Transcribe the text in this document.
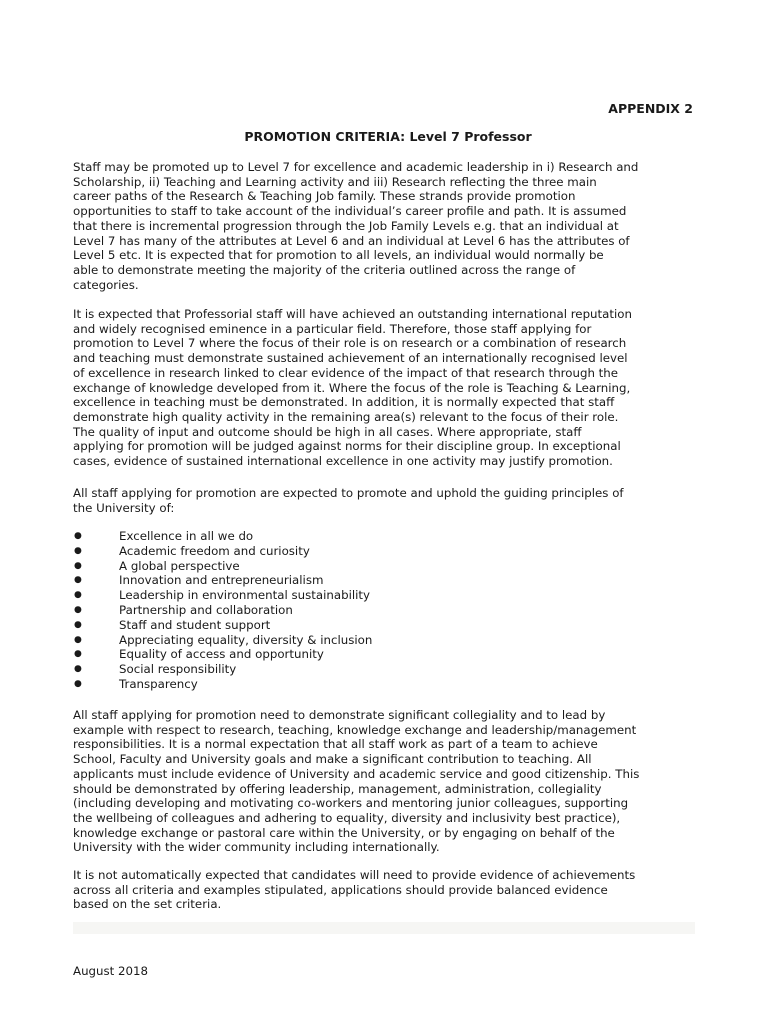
APPENDIX 2
PROMOTION CRITERIA: Level 7 Professor

Staff may be promoted up to Level 7 for excellence and academic leadership in i) Research and
Scholarship, ii) Teaching and Learning activity and iii) Research reflecting the three main
career paths of the Research & Teaching Job family. These strands provide promotion
opportunities to staff to take account of the individual’s career profile and path. It is assumed
that there is incremental progression through the Job Family Levels e.g. that an individual at
Level 7 has many of the attributes at Level 6 and an individual at Level 6 has the attributes of
Level 5 etc. It is expected that for promotion to all levels, an individual would normally be
able to demonstrate meeting the majority of the criteria outlined across the range of
categories.

It is expected that Professorial staff will have achieved an outstanding international reputation
and widely recognised eminence in a particular field. Therefore, those staff applying for
promotion to Level 7 where the focus of their role is on research or a combination of research
and teaching must demonstrate sustained achievement of an internationally recognised level
of excellence in research linked to clear evidence of the impact of that research through the
exchange of knowledge developed from it. Where the focus of the role is Teaching & Learning,
excellence in teaching must be demonstrated. In addition, it is normally expected that staff
demonstrate high quality activity in the remaining area(s) relevant to the focus of their role.
The quality of input and outcome should be high in all cases. Where appropriate, staff
applying for promotion will be judged against norms for their discipline group. In exceptional
cases, evidence of sustained international excellence in one activity may justify promotion.

All staff applying for promotion are expected to promote and uphold the guiding principles of
the University of:

●	Excellence in all we do
●	Academic freedom and curiosity
●	A global perspective
●	Innovation and entrepreneurialism
●	Leadership in environmental sustainability
●	Partnership and collaboration
●	Staff and student support
●	Appreciating equality, diversity & inclusion
●	Equality of access and opportunity
●	Social responsibility
●	Transparency

All staff applying for promotion need to demonstrate significant collegiality and to lead by
example with respect to research, teaching, knowledge exchange and leadership/management
responsibilities. It is a normal expectation that all staff work as part of a team to achieve
School, Faculty and University goals and make a significant contribution to teaching. All
applicants must include evidence of University and academic service and good citizenship. This
should be demonstrated by offering leadership, management, administration, collegiality
(including developing and motivating co-workers and mentoring junior colleagues, supporting
the wellbeing of colleagues and adhering to equality, diversity and inclusivity best practice),
knowledge exchange or pastoral care within the University, or by engaging on behalf of the
University with the wider community including internationally.

It is not automatically expected that candidates will need to provide evidence of achievements
across all criteria and examples stipulated, applications should provide balanced evidence
based on the set criteria.

August 2018
